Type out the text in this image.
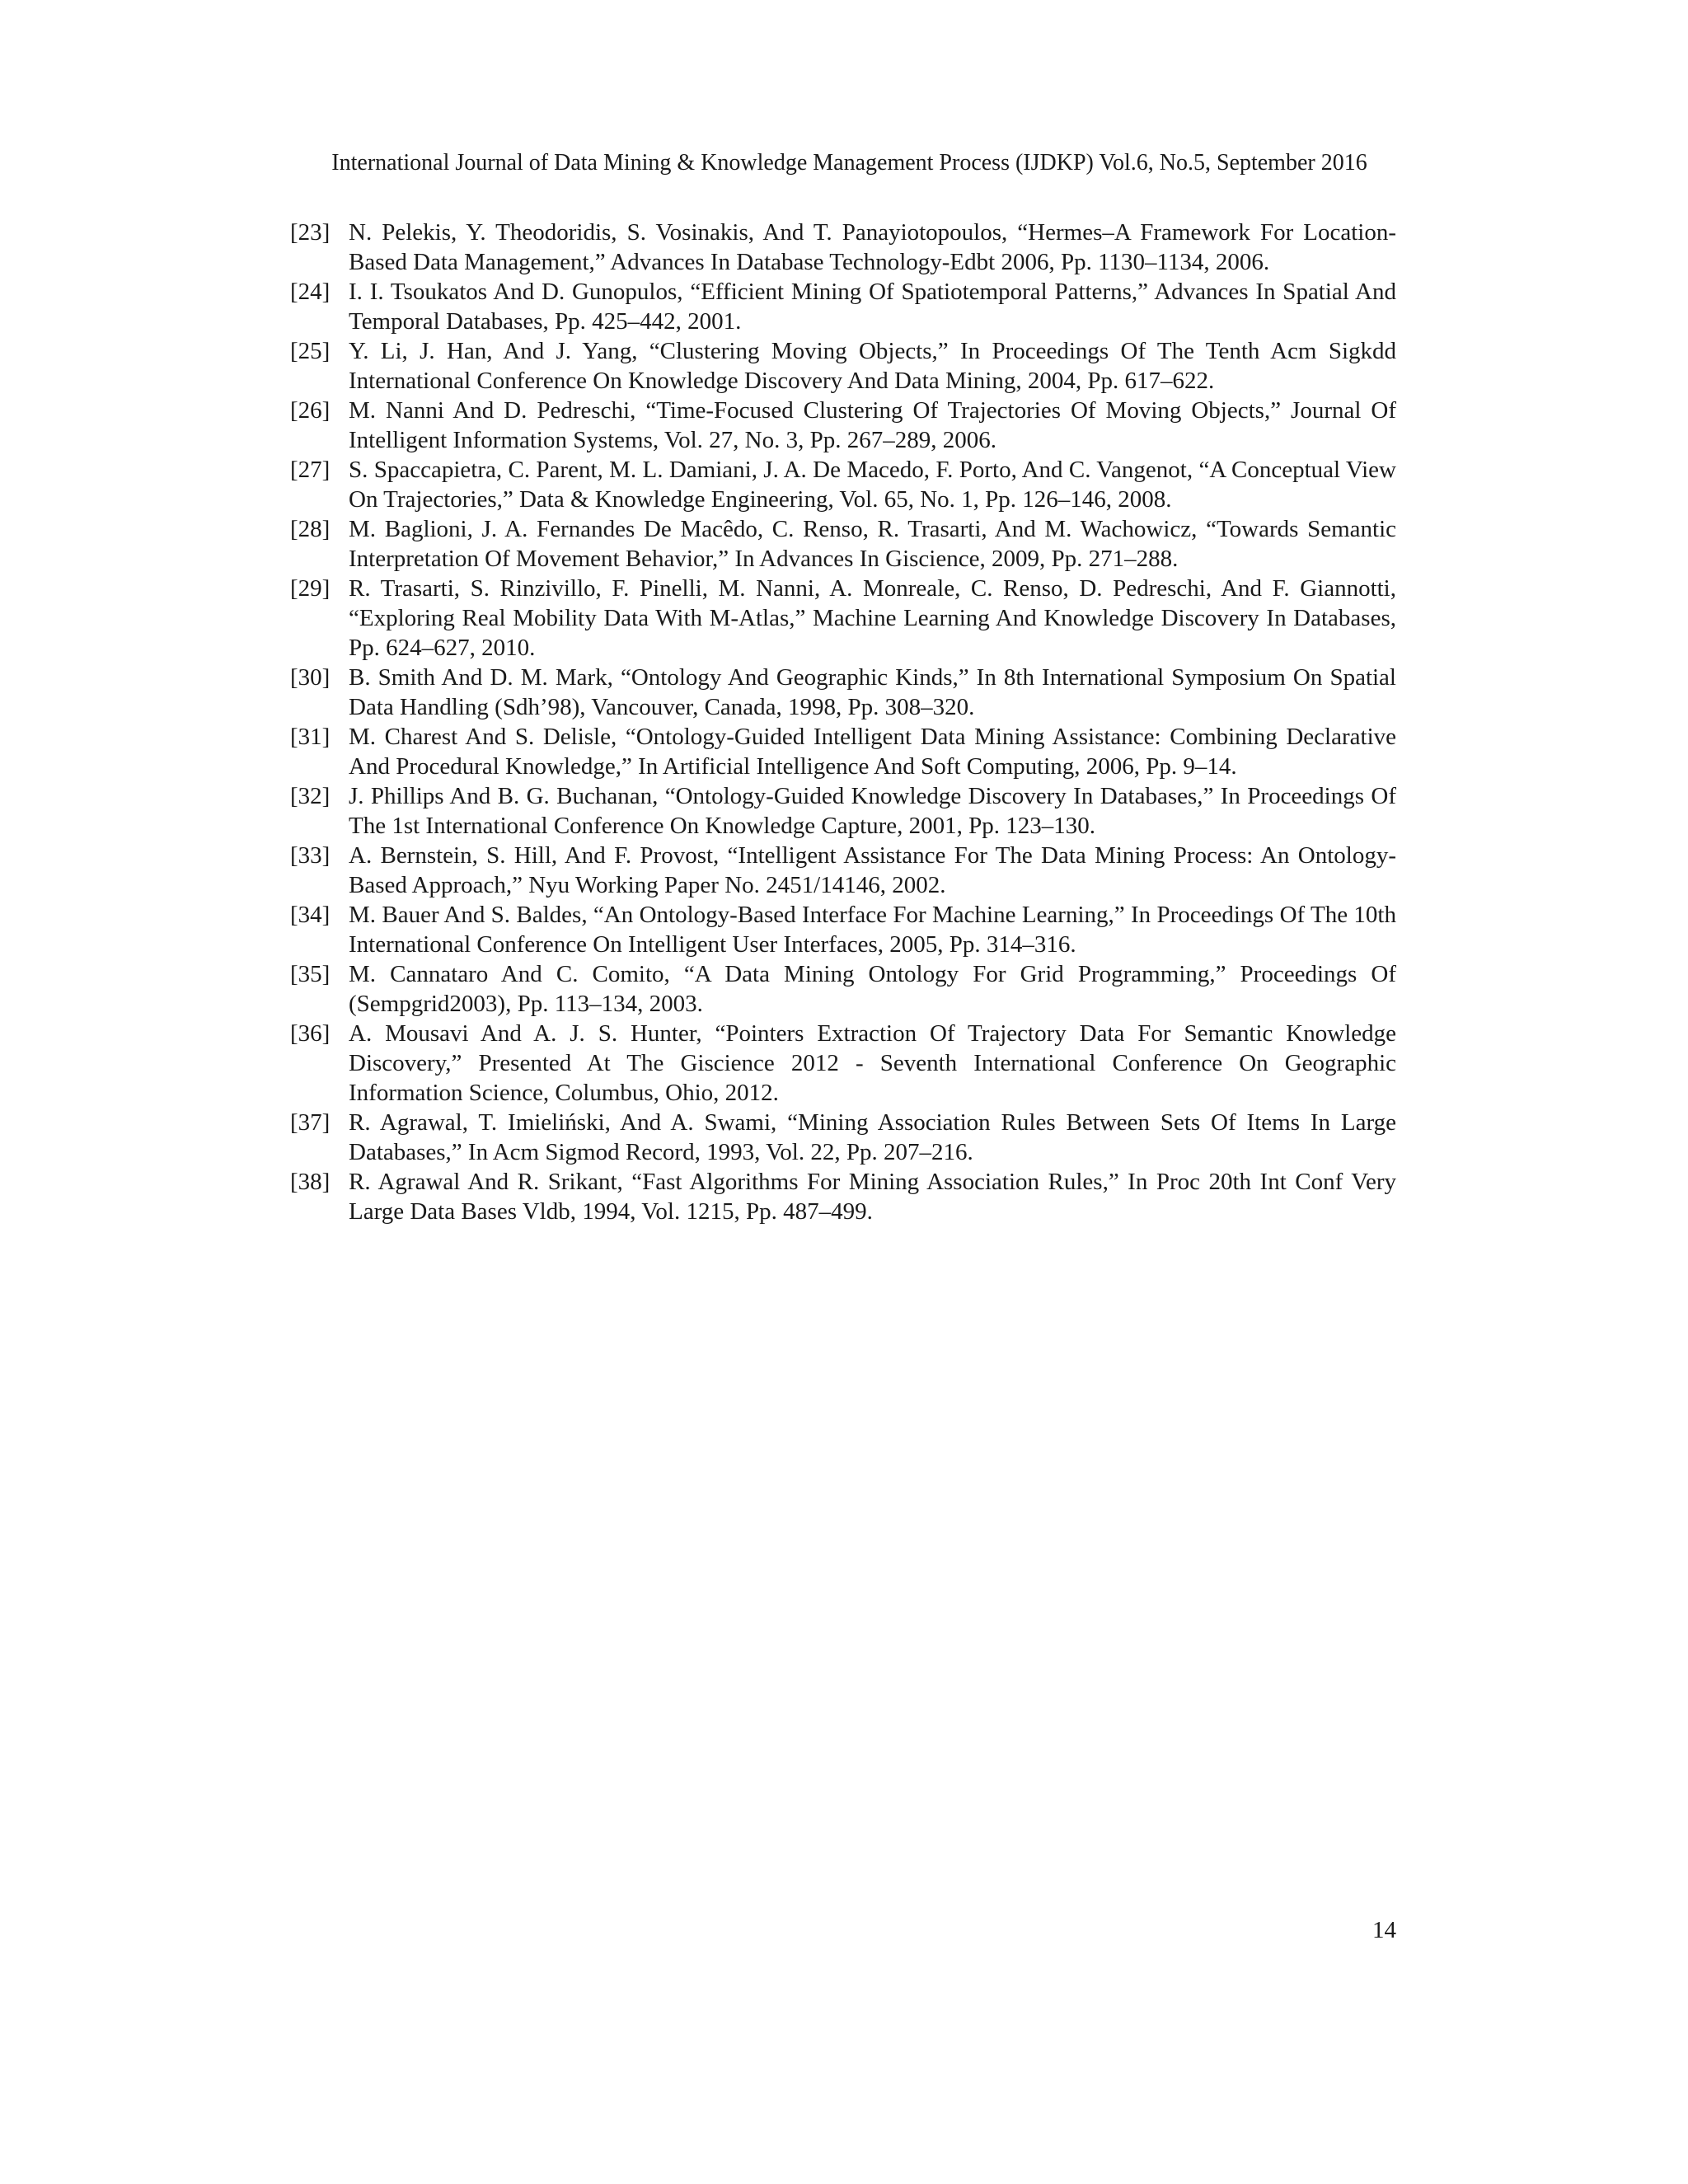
International Journal of Data Mining & Knowledge Management Process (IJDKP) Vol.6, No.5, September 2016
[23] N. Pelekis, Y. Theodoridis, S. Vosinakis, And T. Panayiotopoulos, “Hermes–A Framework For Location-Based Data Management,” Advances In Database Technology-Edbt 2006, Pp. 1130–1134, 2006.
[24] I. I. Tsoukatos And D. Gunopulos, “Efficient Mining Of Spatiotemporal Patterns,” Advances In Spatial And Temporal Databases, Pp. 425–442, 2001.
[25] Y. Li, J. Han, And J. Yang, “Clustering Moving Objects,” In Proceedings Of The Tenth Acm Sigkdd International Conference On Knowledge Discovery And Data Mining, 2004, Pp. 617–622.
[26] M. Nanni And D. Pedreschi, “Time-Focused Clustering Of Trajectories Of Moving Objects,” Journal Of Intelligent Information Systems, Vol. 27, No. 3, Pp. 267–289, 2006.
[27] S. Spaccapietra, C. Parent, M. L. Damiani, J. A. De Macedo, F. Porto, And C. Vangenot, “A Conceptual View On Trajectories,” Data & Knowledge Engineering, Vol. 65, No. 1, Pp. 126–146, 2008.
[28] M. Baglioni, J. A. Fernandes De Macêdo, C. Renso, R. Trasarti, And M. Wachowicz, “Towards Semantic Interpretation Of Movement Behavior,” In Advances In Giscience, 2009, Pp. 271–288.
[29] R. Trasarti, S. Rinzivillo, F. Pinelli, M. Nanni, A. Monreale, C. Renso, D. Pedreschi, And F. Giannotti, “Exploring Real Mobility Data With M-Atlas,” Machine Learning And Knowledge Discovery In Databases, Pp. 624–627, 2010.
[30] B. Smith And D. M. Mark, “Ontology And Geographic Kinds,” In 8th International Symposium On Spatial Data Handling (Sdh’98), Vancouver, Canada, 1998, Pp. 308–320.
[31] M. Charest And S. Delisle, “Ontology-Guided Intelligent Data Mining Assistance: Combining Declarative And Procedural Knowledge,” In Artificial Intelligence And Soft Computing, 2006, Pp. 9–14.
[32] J. Phillips And B. G. Buchanan, “Ontology-Guided Knowledge Discovery In Databases,” In Proceedings Of The 1st International Conference On Knowledge Capture, 2001, Pp. 123–130.
[33] A. Bernstein, S. Hill, And F. Provost, “Intelligent Assistance For The Data Mining Process: An Ontology-Based Approach,” Nyu Working Paper No. 2451/14146, 2002.
[34] M. Bauer And S. Baldes, “An Ontology-Based Interface For Machine Learning,” In Proceedings Of The 10th International Conference On Intelligent User Interfaces, 2005, Pp. 314–316.
[35] M. Cannataro And C. Comito, “A Data Mining Ontology For Grid Programming,” Proceedings Of (Sempgrid2003), Pp. 113–134, 2003.
[36] A. Mousavi And A. J. S. Hunter, “Pointers Extraction Of Trajectory Data For Semantic Knowledge Discovery,” Presented At The Giscience 2012 - Seventh International Conference On Geographic Information Science, Columbus, Ohio, 2012.
[37] R. Agrawal, T. Imieliński, And A. Swami, “Mining Association Rules Between Sets Of Items In Large Databases,” In Acm Sigmod Record, 1993, Vol. 22, Pp. 207–216.
[38] R. Agrawal And R. Srikant, “Fast Algorithms For Mining Association Rules,” In Proc 20th Int Conf Very Large Data Bases Vldb, 1994, Vol. 1215, Pp. 487–499.
14
